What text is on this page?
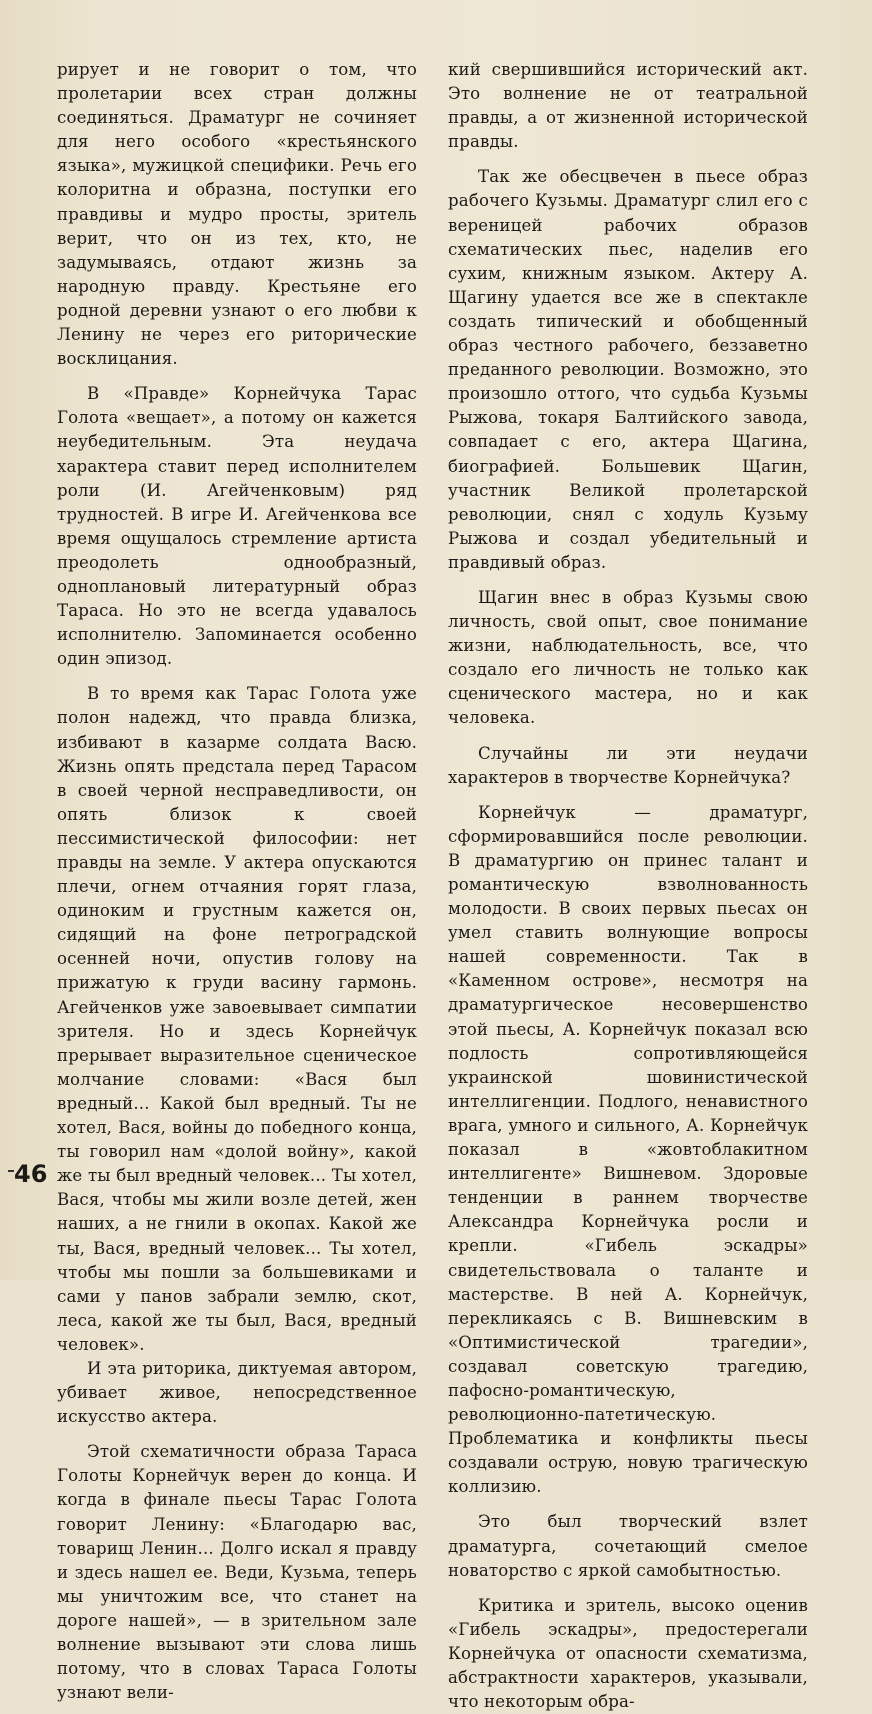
рирует и не говорит о том, что пролетарии всех стран должны соединяться. Драматург не сочиняет для него особого «крестьянского языка», мужицкой специфики. Речь его колоритна и образна, поступки его правдивы и мудро просты, зритель верит, что он из тех, кто, не задумываясь, отдают жизнь за народную правду. Крестьяне его родной деревни узнают о его любви к Ленину не через его риторические восклицания.

В «Правде» Корнейчука Тарас Голота «вещает», а потому он кажется неубедительным. Эта неудача характера ставит перед исполнителем роли (И. Агейченковым) ряд трудностей. В игре И. Агейченкова все время ощущалось стремление артиста преодолеть однообразный, одноплановый литературный образ Тараса. Но это не всегда удавалось исполнителю. Запоминается особенно один эпизод.

В то время как Тарас Голота уже полон надежд, что правда близка, избивают в казарме солдата Васю. Жизнь опять предстала перед Тарасом в своей черной несправедливости, он опять близок к своей пессимистической философии: нет правды на земле. У актера опускаются плечи, огнем отчаяния горят глаза, одиноким и грустным кажется он, сидящий на фоне петроградской осенней ночи, опустив голову на прижатую к груди васину гармонь. Агейченков уже завоевывает симпатии зрителя. Но и здесь Корнейчук прерывает выразительное сценическое молчание словами: «Вася был вредный... Какой был вредный. Ты не хотел, Вася, войны до победного конца, ты говорил нам «долой войну», какой же ты был вредный человек... Ты хотел, Вася, чтобы мы жили возле детей, жен наших, а не гнили в окопах. Какой же ты, Вася, вредный человек... Ты хотел, чтобы мы пошли за большевиками и сами у панов забрали землю, скот, леса, какой же ты был, Вася, вредный человек».

И эта риторика, диктуемая автором, убивает живое, непосредственное искусство актера.

Этой схематичности образа Тараса Голоты Корнейчук верен до конца. И когда в финале пьесы Тарас Голота говорит Ленину: «Благодарю вас, товарищ Ленин... Долго искал я правду и здесь нашел ее. Веди, Кузьма, теперь мы уничтожим все, что станет на дороге нашей», — в зрительном зале волнение вызывают эти слова лишь потому, что в словах Тараса Голоты узнают вели-

кий свершившийся исторический акт. Это волнение не от театральной правды, а от жизненной исторической правды.

Так же обесцвечен в пьесе образ рабочего Кузьмы. Драматург слил его с вереницей рабочих образов схематических пьес, наделив его сухим, книжным языком. Актеру А. Щагину удается все же в спектакле создать типический и обобщенный образ честного рабочего, беззаветно преданного революции. Возможно, это произошло оттого, что судьба Кузьмы Рыжова, токаря Балтийского завода, совпадает с его, актера Щагина, биографией. Большевик Щагин, участник Великой пролетарской революции, снял с ходуль Кузьму Рыжова и создал убедительный и правдивый образ.

Щагин внес в образ Кузьмы свою личность, свой опыт, свое понимание жизни, наблюдательность, все, что создало его личность не только как сценического мастера, но и как человека.

Случайны ли эти неудачи характеров в творчестве Корнейчука?

Корнейчук — драматург, сформировавшийся после революции. В драматургию он принес талант и романтическую взволнованность молодости. В своих первых пьесах он умел ставить волнующие вопросы нашей современности. Так в «Каменном острове», несмотря на драматургическое несовершенство этой пьесы, А. Корнейчук показал всю подлость сопротивляющейся украинской шовинистической интеллигенции. Подлого, ненавистного врага, умного и сильного, А. Корнейчук показал в «жовтоблакитном интеллигенте» Вишневом. Здоровые тенденции в раннем творчестве Александра Корнейчука росли и крепли. «Гибель эскадры» свидетельствовала о таланте и мастерстве. В ней А. Корнейчук, перекликаясь с В. Вишневским в «Оптимистической трагедии», создавал советскую трагедию, пафосно-романтическую, революционно-патетическую. Проблематика и конфликты пьесы создавали острую, новую трагическую коллизию.

Это был творческий взлет драматурга, сочетающий смелое новаторство с яркой самобытностью.

Критика и зритель, высоко оценив «Гибель эскадры», предостерегали Корнейчука от опасности схематизма, абстрактности характеров, указывали, что некоторым обра-

46
